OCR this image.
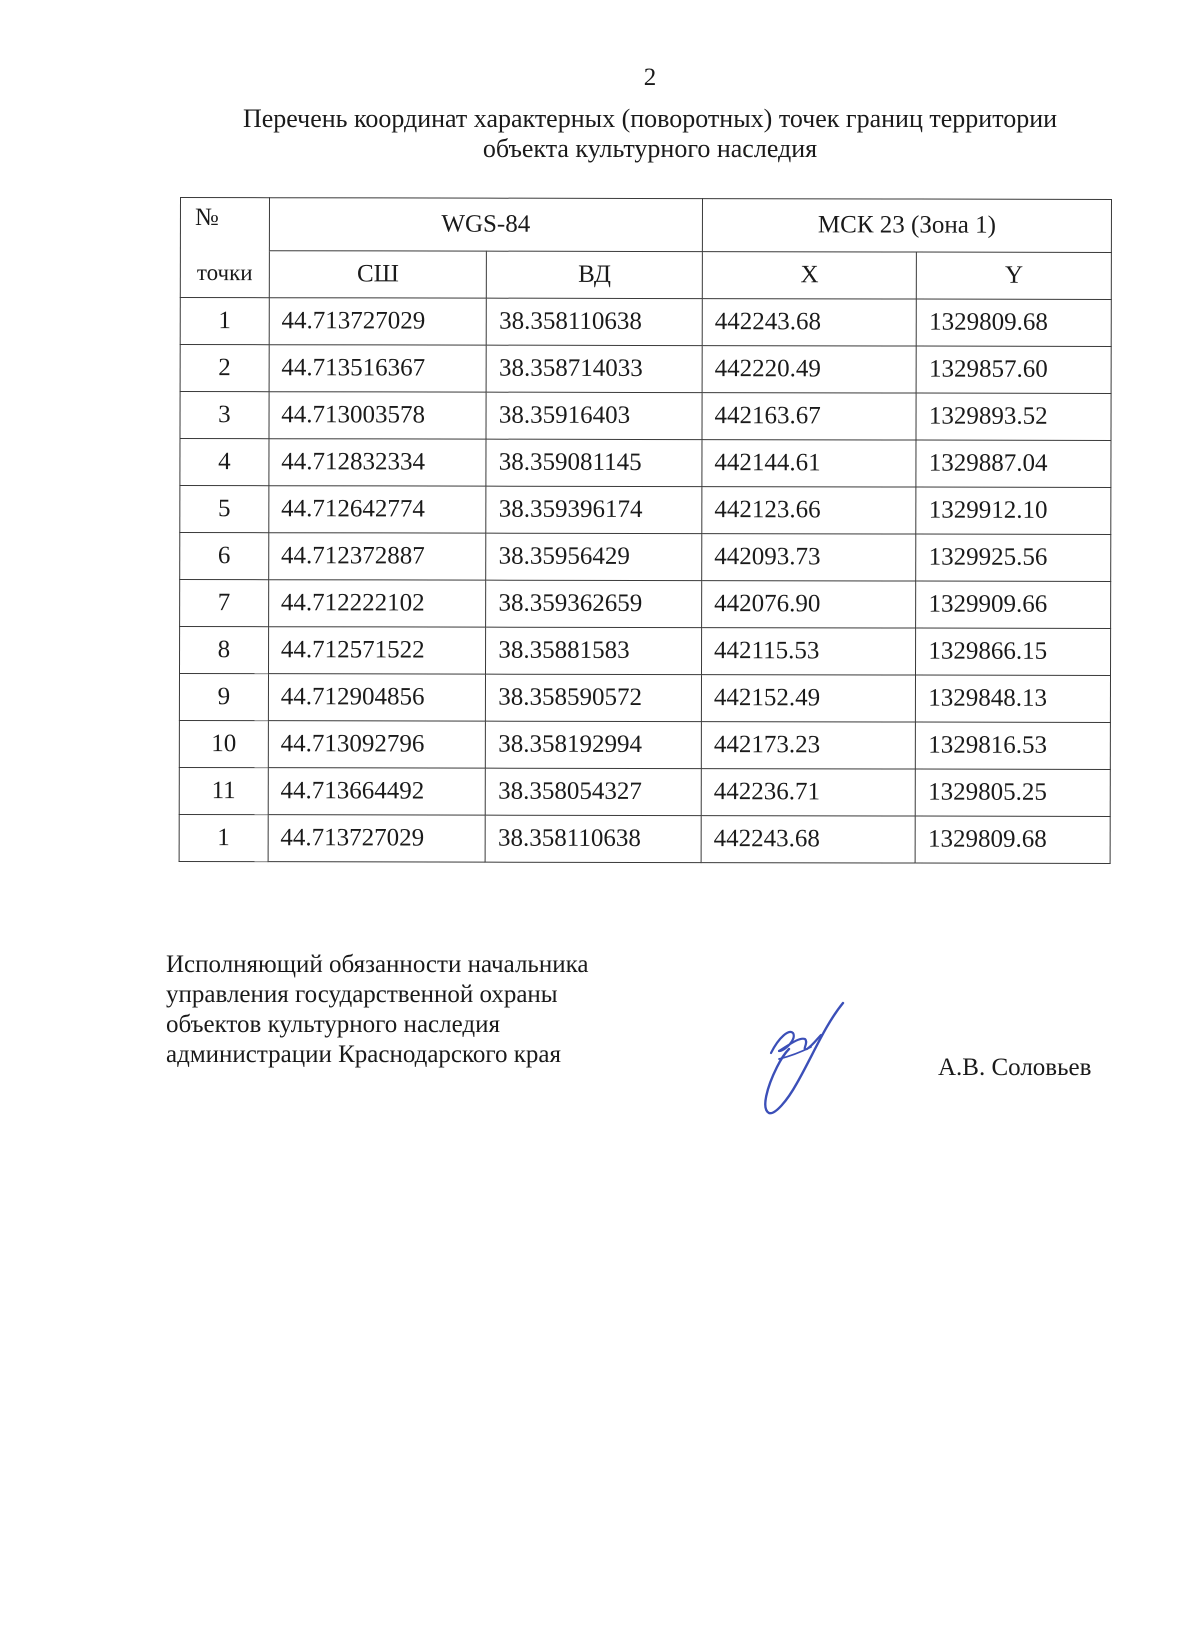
2
Перечень координат характерных (поворотных) точек границ территории
объекта культурного наследия
№	WGS-84		МСК 23 (Зона 1)	
точки	СШ	ВД	X	Y
1	44.713727029	38.358110638	442243.68	1329809.68
2	44.713516367	38.358714033	442220.49	1329857.60
3	44.713003578	38.35916403	442163.67	1329893.52
4	44.712832334	38.359081145	442144.61	1329887.04
5	44.712642774	38.359396174	442123.66	1329912.10
6	44.712372887	38.35956429	442093.73	1329925.56
7	44.712222102	38.359362659	442076.90	1329909.66
8	44.712571522	38.35881583	442115.53	1329866.15
9	44.712904856	38.358590572	442152.49	1329848.13
10	44.713092796	38.358192994	442173.23	1329816.53
11	44.713664492	38.358054327	442236.71	1329805.25
1	44.713727029	38.358110638	442243.68	1329809.68
Исполняющий обязанности начальника
управления государственной охраны
объектов культурного наследия
администрации Краснодарского края	А.В. Соловьев
